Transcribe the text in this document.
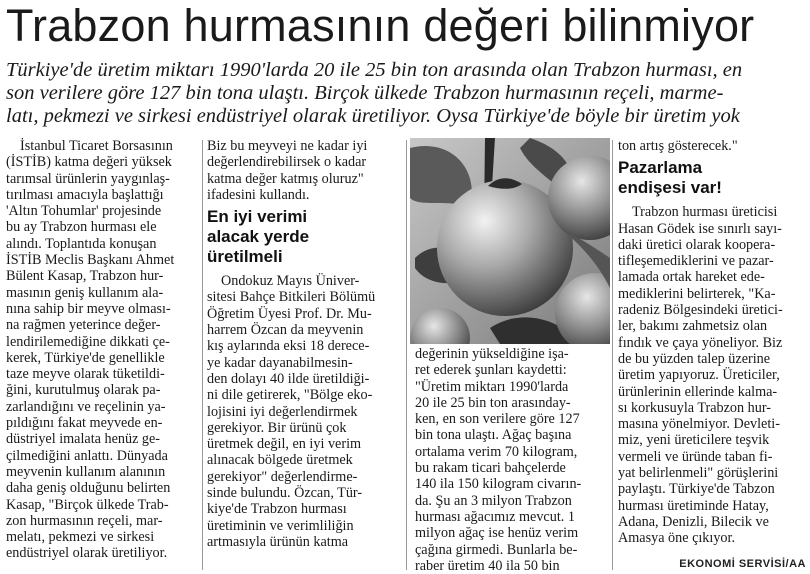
Trabzon hurmasının değeri bilinmiyor
Türkiye'de üretim miktarı 1990'larda 20 ile 25 bin ton arasında olan Trabzon hurması, en
son verilere göre 127 bin tona ulaştı. Birçok ülkede Trabzon hurmasının reçeli, marme-
latı, pekmezi ve sirkesi endüstriyel olarak üretiliyor. Oysa Türkiye'de böyle bir üretim yok
İstanbul Ticaret Borsasının
(İSTİB) katma değeri yüksek
tarımsal ürünlerin yaygınlaş-
tırılması amacıyla başlattığı
'Altın Tohumlar' projesinde
bu ay Trabzon hurması ele
alındı. Toplantıda konuşan
İSTİB Meclis Başkanı Ahmet
Bülent Kasap, Trabzon hur-
masının geniş kullanım ala-
nına sahip bir meyve olması-
na rağmen yeterince değer-
lendirilemediğine dikkati çe-
kerek, Türkiye'de genellikle
taze meyve olarak tüketildi-
ğini, kurutulmuş olarak pa-
zarlandığını ve reçelinin ya-
pıldığını fakat meyvede en-
düstriyel imalata henüz ge-
çilmediğini anlattı. Dünyada
meyvenin kullanım alanının
daha geniş olduğunu belirten
Kasap, "Birçok ülkede Trab-
zon hurmasının reçeli, mar-
melatı, pekmezi ve sirkesi
endüstriyel olarak üretiliyor.
Biz bu meyveyi ne kadar iyi
değerlendirebilirsek o kadar
katma değer katmış oluruz"
ifadesini kullandı.
En iyi verimi
alacak yerde
üretilmeli
Ondokuz Mayıs Üniver-
sitesi Bahçe Bitkileri Bölümü
Öğretim Üyesi Prof. Dr. Mu-
harrem Özcan da meyvenin
kış aylarında eksi 18 derece-
ye kadar dayanabilmesin-
den dolayı 40 ilde üretildiği-
ni dile getirerek, "Bölge eko-
lojisini iyi değerlendirmek
gerekiyor. Bir ürünü çok
üretmek değil, en iyi verim
alınacak bölgede üretmek
gerekiyor" değerlendirme-
sinde bulundu. Özcan, Tür-
kiye'de Trabzon hurması
üretiminin ve verimliliğin
artmasıyla ürünün katma
değerinin yükseldiğine işa-
ret ederek şunları kaydetti:
"Üretim miktarı 1990'larda
20 ile 25 bin ton arasınday-
ken, en son verilere göre 127
bin tona ulaştı. Ağaç başına
ortalama verim 70 kilogram,
bu rakam ticari bahçelerde
140 ila 150 kilogram civarın-
da. Şu an 3 milyon Trabzon
hurması ağacımız mevcut. 1
milyon ağaç ise henüz verim
çağına girmedi. Bunlarla be-
raber üretim 40 ila 50 bin
ton artış gösterecek."
Pazarlama
endişesi var!
Trabzon hurması üreticisi
Hasan Gödek ise sınırlı sayı-
daki üretici olarak koopera-
tifleşemediklerini ve pazar-
lamada ortak hareket ede-
mediklerini belirterek, "Ka-
radeniz Bölgesindeki üretici-
ler, bakımı zahmetsiz olan
fındık ve çaya yöneliyor. Biz
de bu yüzden talep üzerine
üretim yapıyoruz. Üreticiler,
ürünlerinin ellerinde kalma-
sı korkusuyla Trabzon hur-
masına yönelmiyor. Devleti-
miz, yeni üreticilere teşvik
vermeli ve üründe taban fi-
yat belirlenmeli" görüşlerini
paylaştı. Türkiye'de Tabzon
hurması üretiminde Hatay,
Adana, Denizli, Bilecik ve
Amasya öne çıkıyor.
EKONOMİ SERVİSİ/AA
